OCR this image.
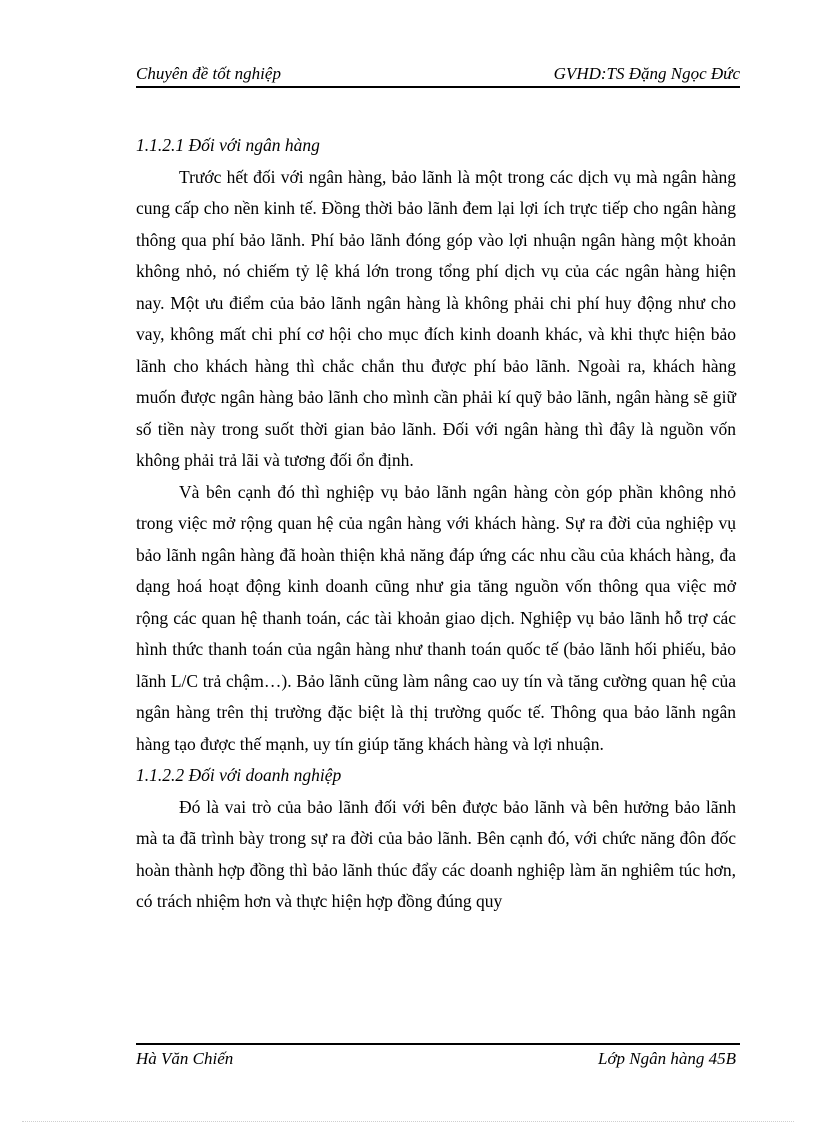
Chuyên đề tốt nghiệp	GVHD:TS Đặng Ngọc Đức

1.1.2.1 Đối với ngân hàng

Trước hết đối với ngân hàng, bảo lãnh là một trong các dịch vụ mà ngân hàng cung cấp cho nền kinh tế. Đồng thời bảo lãnh đem lại lợi ích trực tiếp cho ngân hàng thông qua phí bảo lãnh. Phí bảo lãnh đóng góp vào lợi nhuận ngân hàng một khoản không nhỏ, nó chiếm tỷ lệ khá lớn trong tổng phí dịch vụ của các ngân hàng hiện nay. Một ưu điểm của bảo lãnh ngân hàng là không phải chi phí huy động như cho vay, không mất chi phí cơ hội cho mục đích kinh doanh khác, và khi thực hiện bảo lãnh cho khách hàng thì chắc chắn thu được phí bảo lãnh. Ngoài ra, khách hàng muốn được ngân hàng bảo lãnh cho mình cần phải kí quỹ bảo lãnh, ngân hàng sẽ giữ số tiền này trong suốt thời gian bảo lãnh. Đối với ngân hàng thì đây là nguồn vốn không phải trả lãi và tương đối ổn định.

Và bên cạnh đó thì nghiệp vụ bảo lãnh ngân hàng còn góp phần không nhỏ trong việc mở rộng quan hệ của ngân hàng với khách hàng. Sự ra đời của nghiệp vụ bảo lãnh ngân hàng đã hoàn thiện khả năng đáp ứng các nhu cầu của khách hàng, đa dạng hoá hoạt động kinh doanh cũng như gia tăng nguồn vốn thông qua việc mở rộng các quan hệ thanh toán, các tài khoản giao dịch. Nghiệp vụ bảo lãnh hỗ trợ các hình thức thanh toán của ngân hàng như thanh toán quốc tế (bảo lãnh hối phiếu, bảo lãnh L/C trả chậm…). Bảo lãnh cũng làm nâng cao uy tín và tăng cường quan hệ của ngân hàng trên thị trường đặc biệt là thị trường quốc tế. Thông qua bảo lãnh ngân hàng tạo được thế mạnh, uy tín giúp tăng khách hàng và lợi nhuận.

1.1.2.2 Đối với doanh nghiệp

Đó là vai trò của bảo lãnh đối với bên được bảo lãnh và bên hưởng bảo lãnh mà ta đã trình bày trong sự ra đời của bảo lãnh. Bên cạnh đó, với chức năng đôn đốc hoàn thành hợp đồng thì bảo lãnh thúc đẩy các doanh nghiệp làm ăn nghiêm túc hơn, có trách nhiệm hơn và thực hiện hợp đồng đúng quy

Hà Văn Chiến	Lớp Ngân hàng 45B
